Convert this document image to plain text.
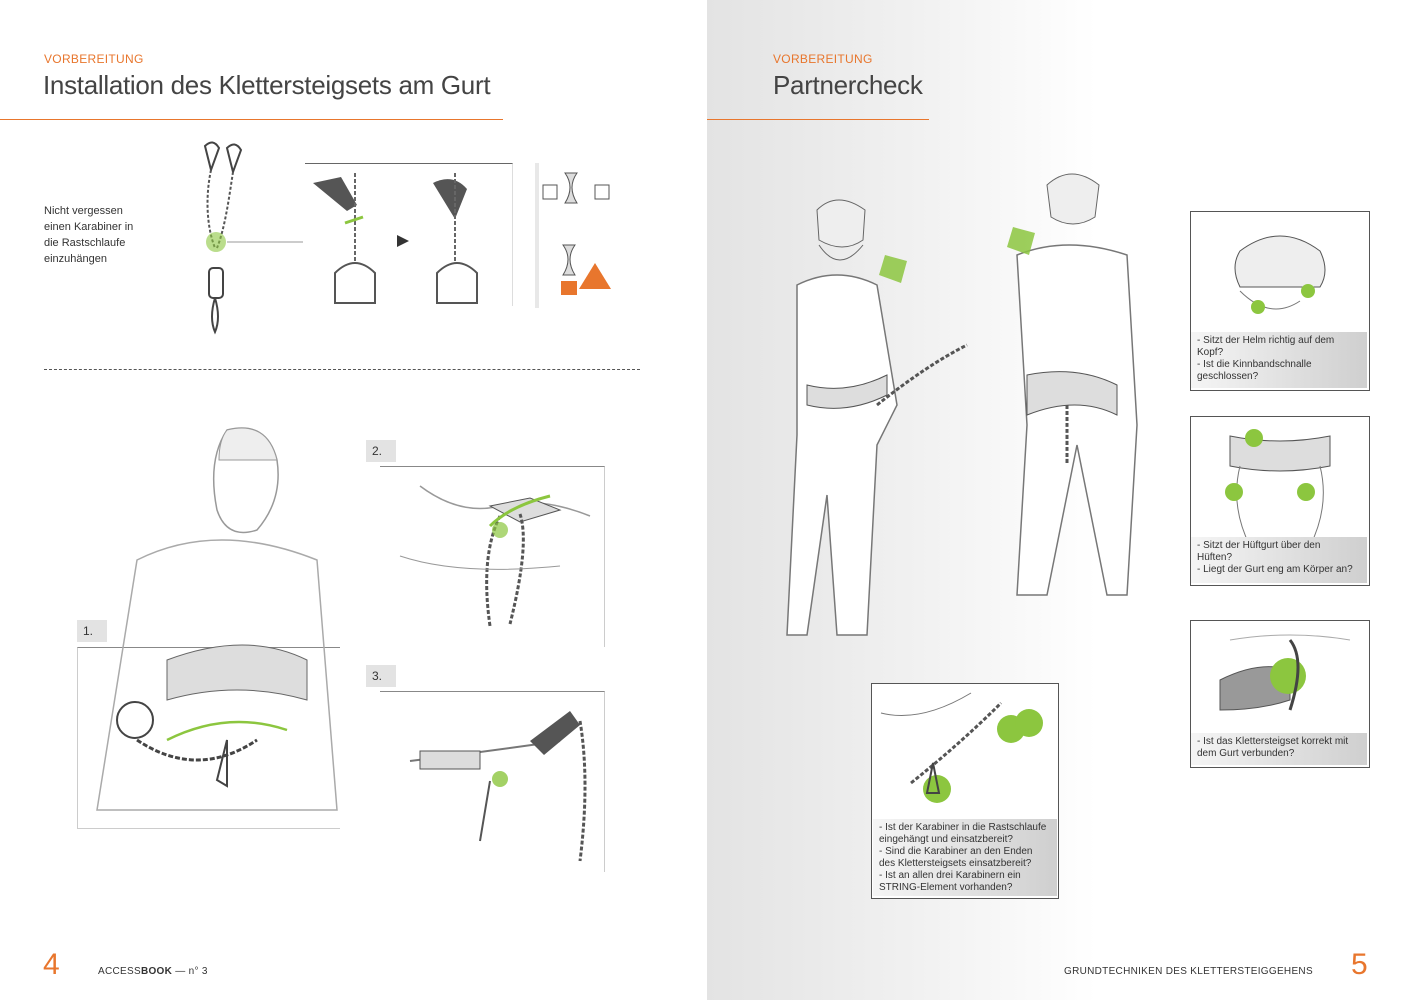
VORBEREITUNG
Installation des Klettersteigsets am Gurt
Nicht vergessen
einen Karabiner in
die Rastschlaufe
einzuhängen
1.
2.
3.
4	ACCESSBOOK — n° 3
VORBEREITUNG
Partnercheck
- Sitzt der Helm richtig auf dem
Kopf?
- Ist die Kinnbandschnalle
geschlossen?
- Sitzt der Hüftgurt über den
Hüften?
- Liegt der Gurt eng am Körper an?
- Ist das Klettersteigset korrekt mit
dem Gurt verbunden?
- Ist der Karabiner in die Rastschlaufe
eingehängt und einsatzbereit?
- Sind die Karabiner an den Enden
des Klettersteigsets einsatzbereit?
- Ist an allen drei Karabinern ein
STRING-Element vorhanden?
GRUNDTECHNIKEN DES KLETTERSTEIGGEHENS 5
